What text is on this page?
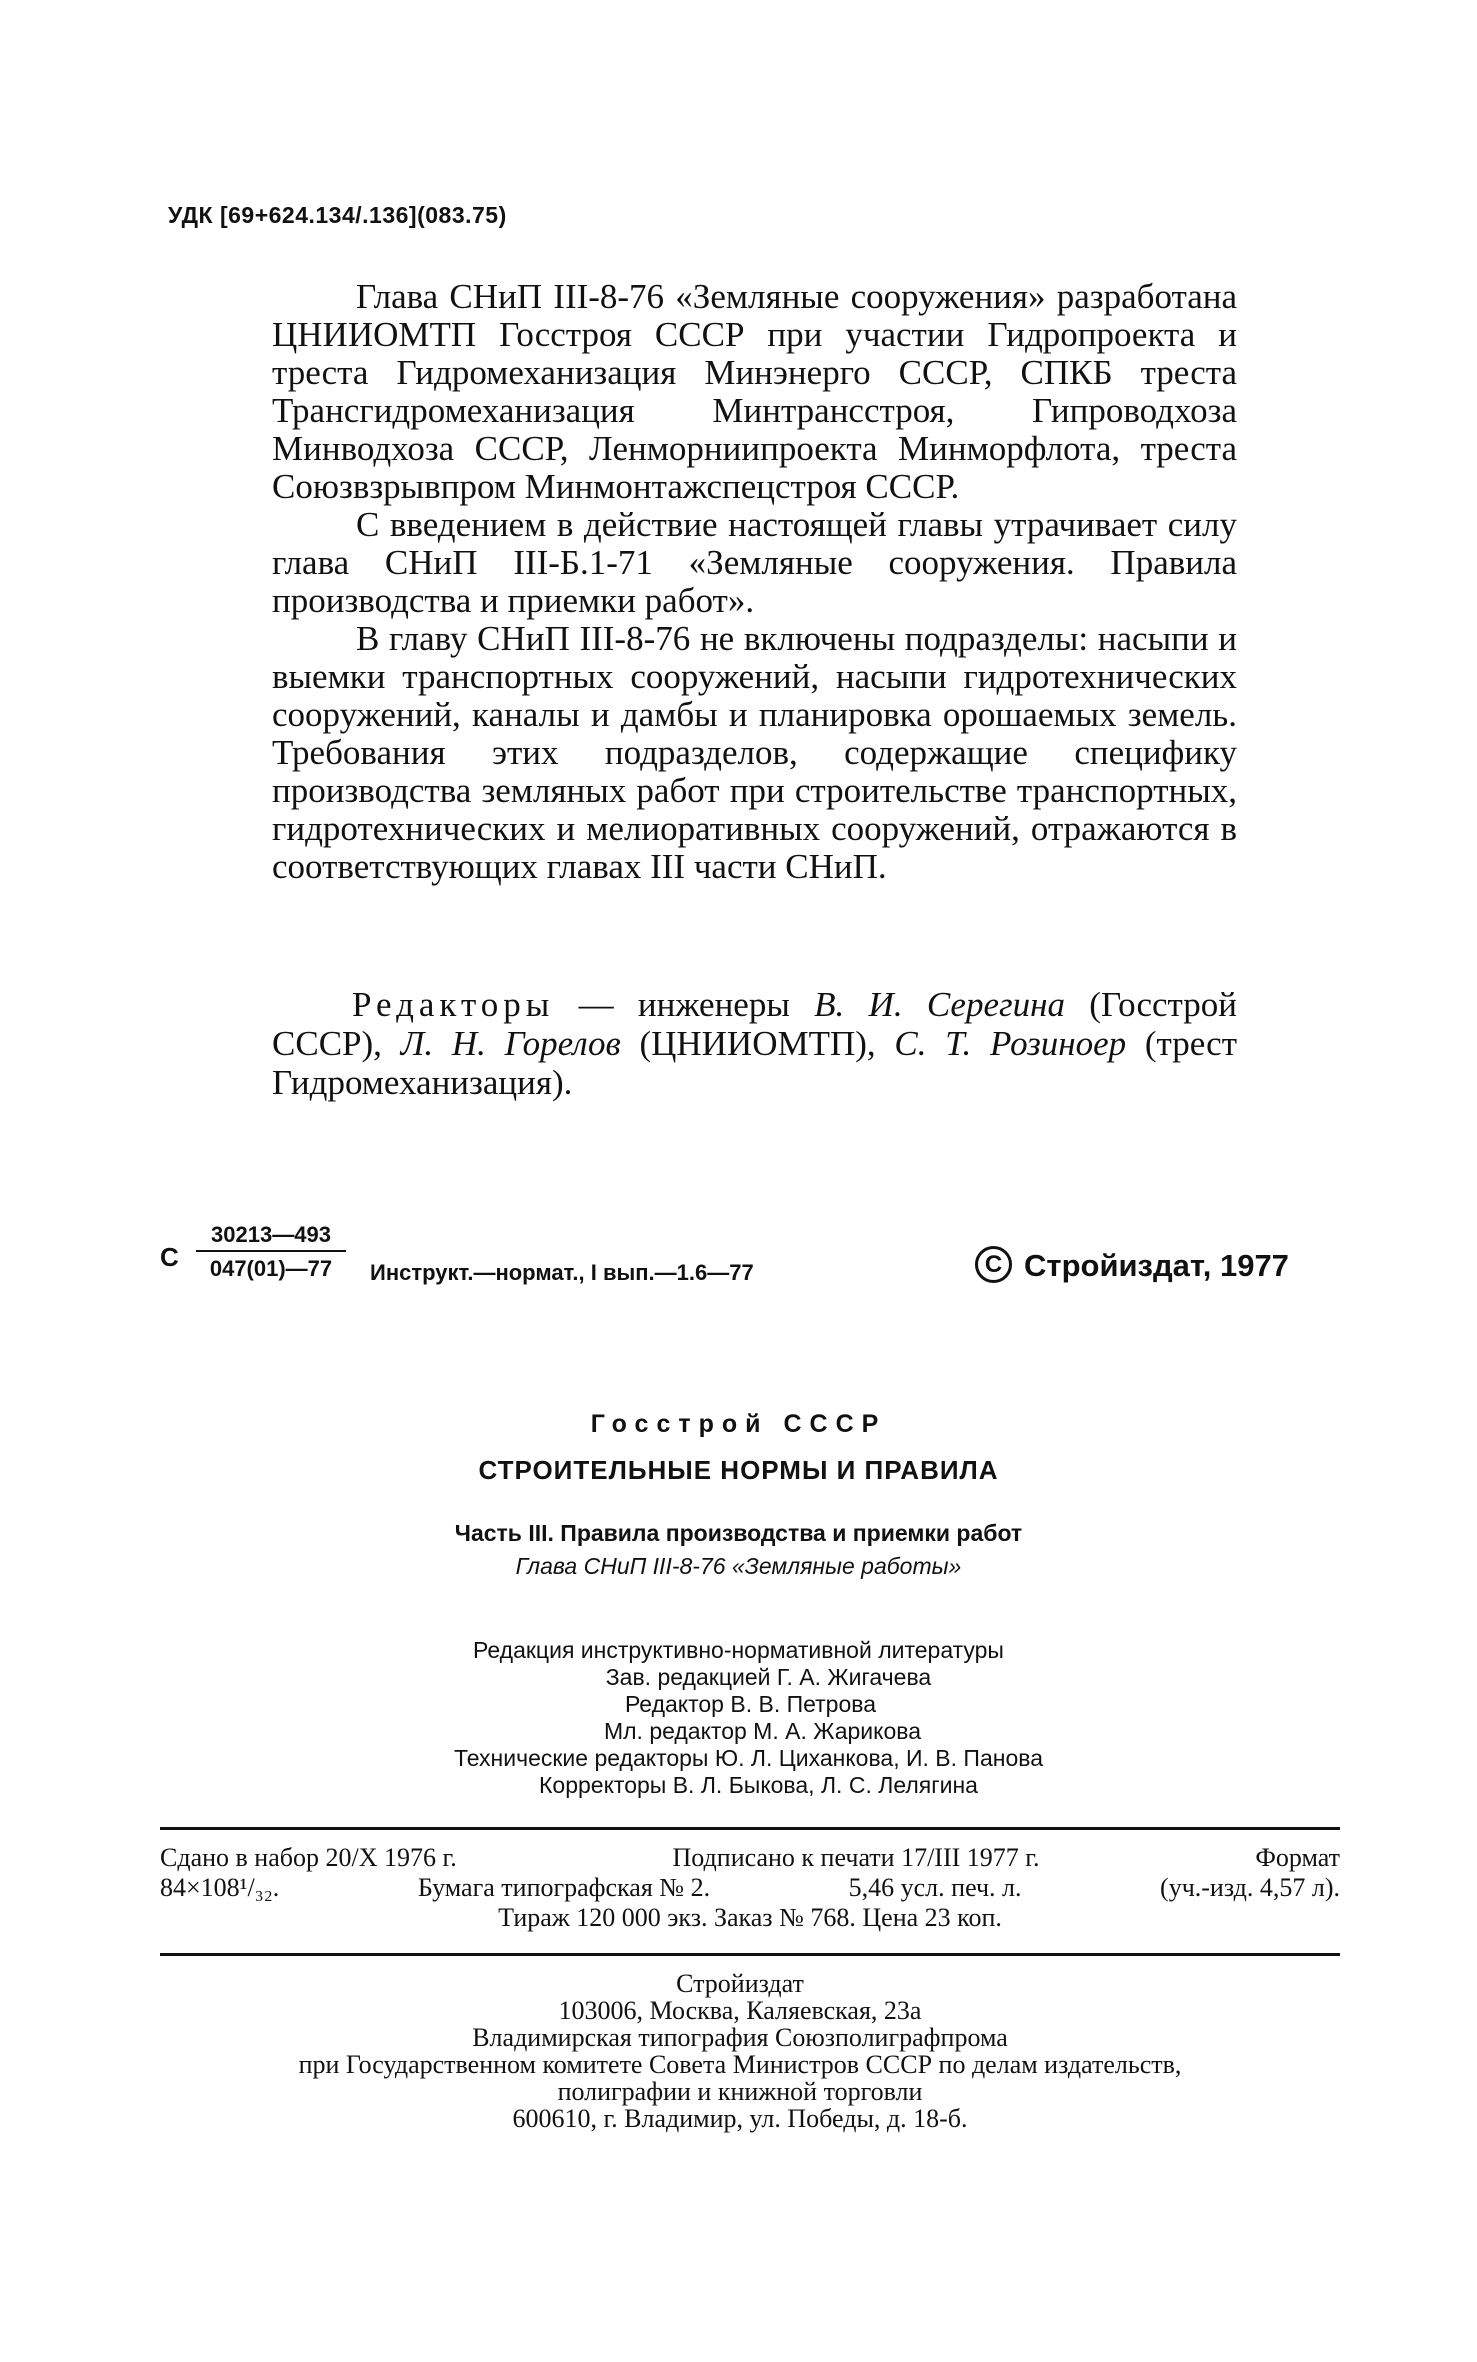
УДК [69+624.134/.136](083.75)

Глава СНиП III-8-76 «Земляные сооружения» разработана ЦНИИОМТП Госстроя СССР при участии Гидропроекта и треста Гидромеханизация Минэнерго СССР, СПКБ треста Трансгидромеханизация Минтрансстроя, Гипроводхоза Минводхоза СССР, Ленморниипроекта Минморфлота, треста Союзвзрывпром Минмонтажспецстроя СССР.

С введением в действие настоящей главы утрачивает силу глава СНиП III-Б.1-71 «Земляные сооружения. Правила производства и приемки работ».

В главу СНиП III-8-76 не включены подразделы: насыпи и выемки транспортных сооружений, насыпи гидротехнических сооружений, каналы и дамбы и планировка орошаемых земель. Требования этих подразделов, содержащие специфику производства земляных работ при строительстве транспортных, гидротехнических и мелиоративных сооружений, отражаются в соответствующих главах III части СНиП.

Редакторы — инженеры В. И. Серегина (Госстрой СССР), Л. Н. Горелов (ЦНИИОМТП), С. Т. Розиноер (трест Гидромеханизация).
С $\frac{30213—493}{047(01)—77}$ Инструкт.—нормат., I вып.—1.6—77	C Стройиздат, 1977
Госстрой СССР
СТРОИТЕЛЬНЫЕ НОРМЫ И ПРАВИЛА
Часть III. Правила производства и приемки работ
Глава СНиП III-8-76 «Земляные работы»
Редакция инструктивно-нормативной литературы
Зав. редакцией Г. А. Жигачева
Редактор В. В. Петрова
Мл. редактор М. А. Жарикова
Технические редакторы Ю. Л. Циханкова, И. В. Панова
Корректоры В. Л. Быкова, Л. С. Лелягина
Сдано в набор 20/X 1976 г.	Подписано к печати 17/III 1977 г.	Формат
84×108¹/₃₂.	Бумага типографская № 2.	5,46 усл. печ. л.	(уч.-изд. 4,57 л).
Тираж 120 000 экз. Заказ № 768. Цена 23 коп.
Стройиздат
103006, Москва, Каляевская, 23а
Владимирская типография Союзполиграфпрома
при Государственном комитете Совета Министров СССР по делам издательств,
полиграфии и книжной торговли
600610, г. Владимир, ул. Победы, д. 18-б.
